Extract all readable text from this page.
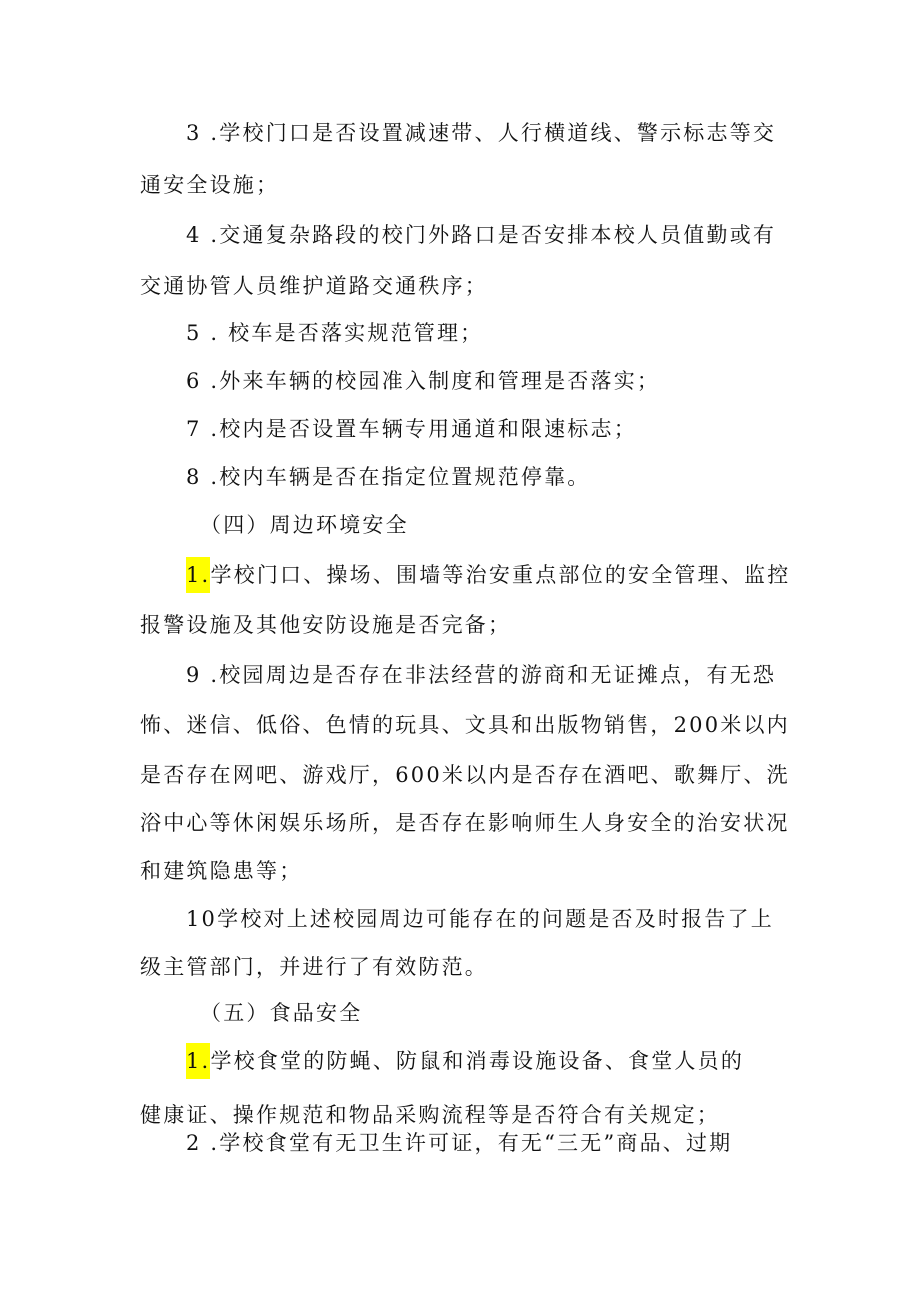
3 .学校门口是否设置减速带、人行横道线、警示标志等交
通安全设施；
4 .交通复杂路段的校门外路口是否安排本校人员值勤或有
交通协管人员维护道路交通秩序；
5 . 校车是否落实规范管理；
6 .外来车辆的校园准入制度和管理是否落实；
7 .校内是否设置车辆专用通道和限速标志；
8 .校内车辆是否在指定位置规范停靠。
（四）周边环境安全
1.学校门口、操场、围墙等治安重点部位的安全管理、监控
报警设施及其他安防设施是否完备；
9 .校园周边是否存在非法经营的游商和无证摊点，有无恐
怖、迷信、低俗、色情的玩具、文具和出版物销售，200米以内
是否存在网吧、游戏厅，600米以内是否存在酒吧、歌舞厅、洗
浴中心等休闲娱乐场所，是否存在影响师生人身安全的治安状况
和建筑隐患等；
10学校对上述校园周边可能存在的问题是否及时报告了上
级主管部门，并进行了有效防范。
（五）食品安全
1.学校食堂的防蝇、防鼠和消毒设施设备、食堂人员的
健康证、操作规范和物品采购流程等是否符合有关规定；
2 .学校食堂有无卫生许可证，有无“三无”商品、过期
